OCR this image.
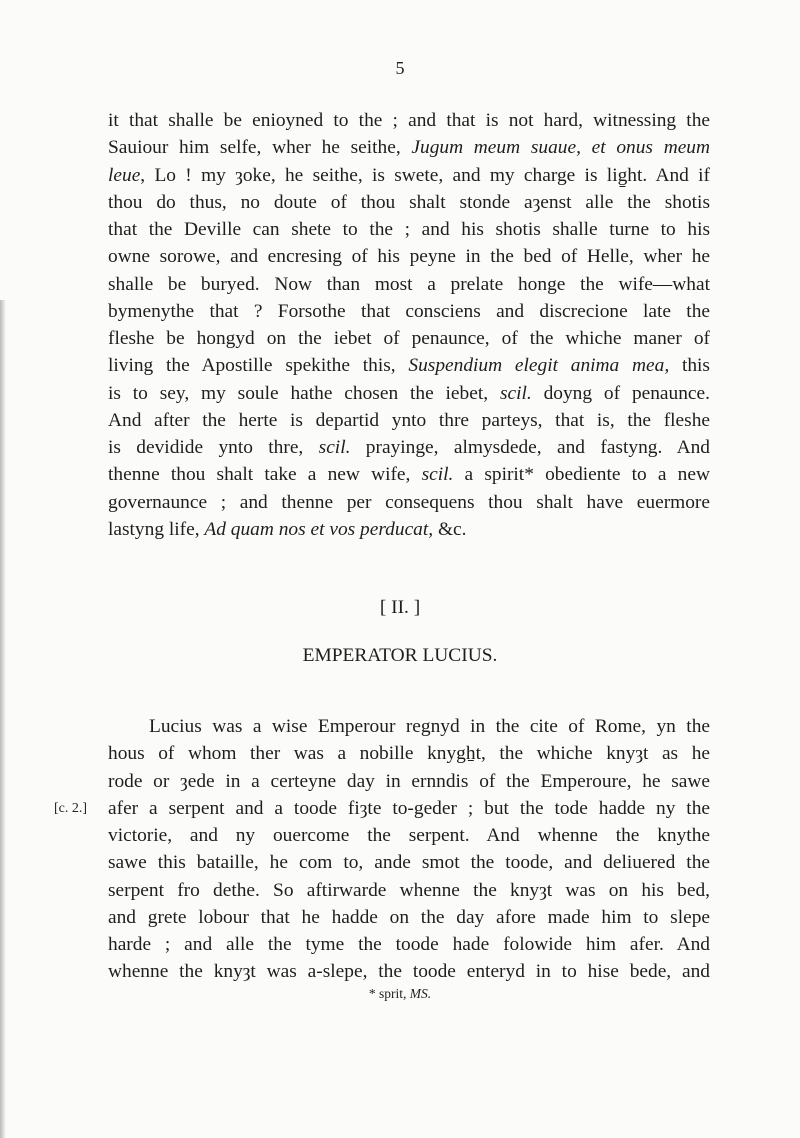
5
it that shalle be enioyned to the ; and that is not hard, witnessing the
Sauiour him selfe, wher he seithe, Jugum meum suaue, et onus meum
leue, Lo ! my ȝoke, he seithe, is swete, and my charge is lig̱ht. And if
thou do thus, no doute of thou shalt stonde aȝenst alle the shotis
that the Deville can shete to the ; and his shotis shalle turne to his
owne sorowe, and encresing of his peyne in the bed of Helle, wher he
shalle be buryed. Now than most a prelate honge the wife—what
bymenythe that ? Forsothe that consciens and discrecione late the
fleshe be hongyd on the iebet of penaunce, of the whiche maner of
living the Apostille spekithe this, Suspendium elegit anima mea, this
is to sey, my soule hathe chosen the iebet, scil. doyng of penaunce.
And after the herte is departid ynto thre parteys, that is, the fleshe
is devidide ynto thre, scil. prayinge, almysdede, and fastyng. And
thenne thou shalt take a new wife, scil. a spirit* obediente to a new
governaunce ; and thenne per consequens thou shalt have euermore
lastyng life, Ad quam nos et vos perducat, &c.
[ II. ]
EMPERATOR LUCIUS.
Lucius was a wise Emperour regnyd in the cite of Rome, yn the
hous of whom ther was a nobille knygẖt, the whiche knyȝt as he
rode or ȝede in a certeyne day in ernndis of the Emperoure, he sawe
afer a serpent and a toode fiȝte to-geder ; but the tode hadde ny the
victorie, and ny ouercome the serpent. And whenne the knythe
sawe this bataille, he com to, ande smot the toode, and deliuered the
serpent fro dethe. So aftirwarde whenne the knyȝt was on his bed,
and grete lobour that he hadde on the day afore made him to slepe
harde ; and alle the tyme the toode hade folowide him afer. And
whenne the knyȝt was a-slepe, the toode enteryd in to hise bede, and
[c. 2.]
* sprit, MS.
